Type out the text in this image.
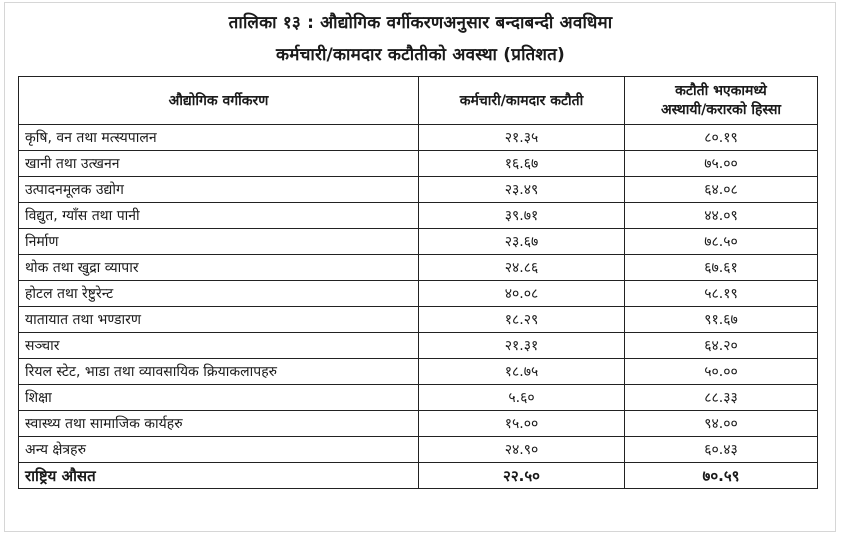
तालिका १३ : औद्योगिक वर्गीकरणअनुसार बन्दाबन्दी अवधिमा
कर्मचारी/कामदार कटौतीको अवस्था (प्रतिशत)
औद्योगिक वर्गीकरण	कर्मचारी/कामदार कटौती	कटौती भएकामध्ये
अस्थायी/करारको हिस्सा

कृषि, वन तथा मत्स्यपालन	२१.३५	८०.१९
खानी तथा उत्खनन	१६.६७	७५.००
उत्पादनमूलक उद्योग	२३.४९	६४.०८
विद्युत, ग्याँस तथा पानी	३९.७१	४४.०९
निर्माण	२३.६७	७८.५०
थोक तथा खुद्रा व्यापार	२४.८६	६७.६१
होटल तथा रेष्टुरेन्ट	४०.०८	५८.१९
यातायात तथा भण्डारण	१८.२९	९१.६७
सञ्चार	२१.३१	६४.२०
रियल स्टेट, भाडा तथा व्यावसायिक क्रियाकलापहरु	१८.७५	५०.००
शिक्षा	५.६०	८८.३३
स्वास्थ्य तथा सामाजिक कार्यहरु	१५.००	९४.००
अन्य क्षेत्रहरु	२४.९०	६०.४३
राष्ट्रिय औसत	२२.५०	७०.५९
